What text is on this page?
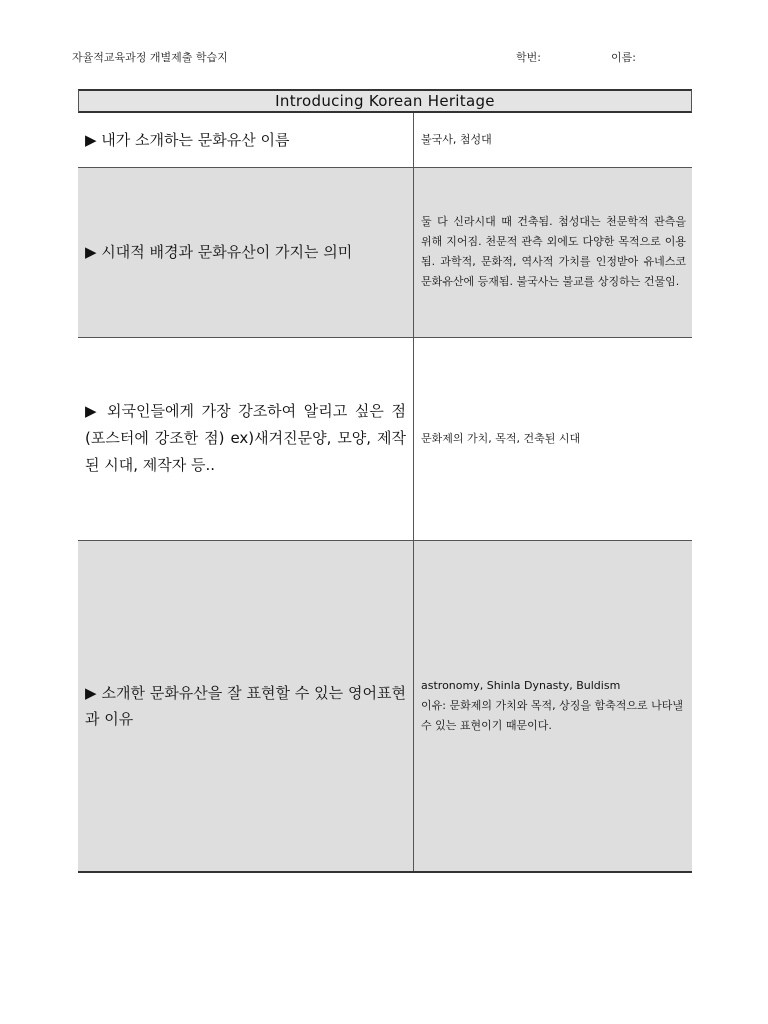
자율적교육과정 개별제출 학습지	학번:	이름:
Introducing Korean Heritage
▶ 내가 소개하는 문화유산 이름	불국사, 첨성대
▶ 시대적 배경과 문화유산이 가지는 의미	둘 다 신라시대 때 건축됨. 첨성대는 천문학적 관측을 위해 지어짐. 천문적 관측 외에도 다양한 목적으로 이용됨. 과학적, 문화적, 역사적 가치를 인정받아 유네스코 문화유산에 등재됨. 불국사는 불교를 상징하는 건물임.
▶ 외국인들에게 가장 강조하여 알리고 싶은 점(포스터에 강조한 점) ex)새겨진문양, 모양, 제작된 시대, 제작자 등..	문화제의 가치, 목적, 건축된 시대
▶ 소개한 문화유산을 잘 표현할 수 있는 영어표현과 이유	astronomy, Shinla Dynasty, Buldism

이유: 문화제의 가치와 목적, 상징을 함축적으로 나타낼 수 있는 표현이기 때문이다.
